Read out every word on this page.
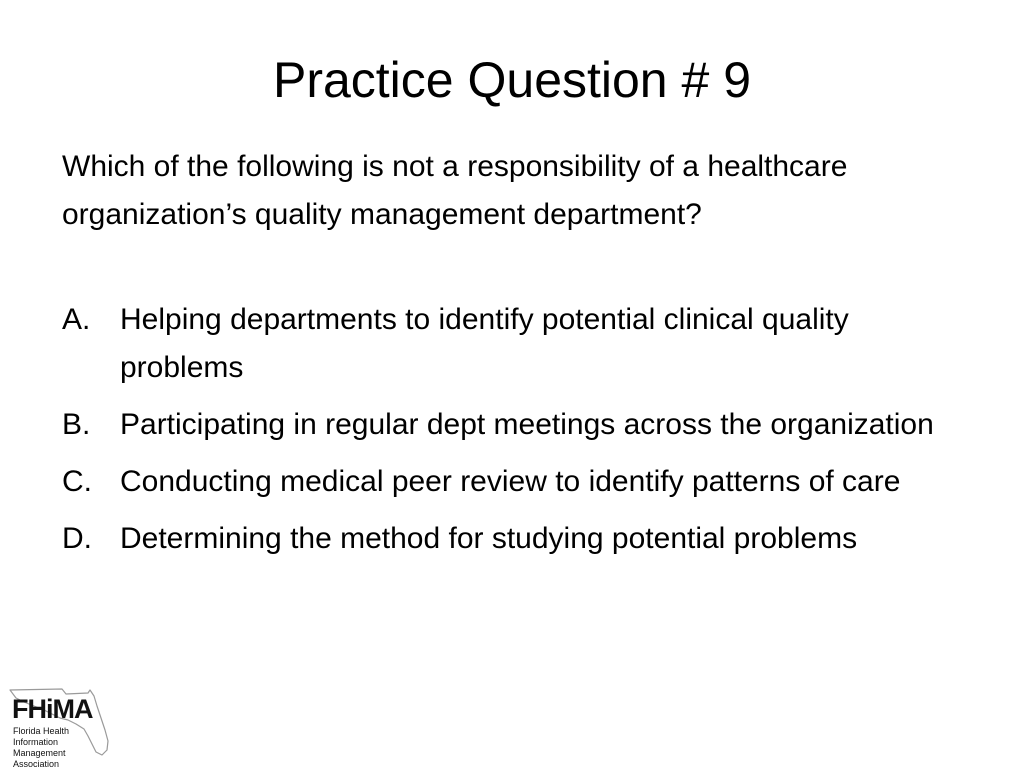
Practice Question # 9

Which of the following is not a responsibility of a healthcare organization’s quality management department?

A. Helping departments to identify potential clinical quality problems
B. Participating in regular dept meetings across the organization
C. Conducting medical peer review to identify patterns of care
D. Determining the method for studying potential problems
FHiMA
Florida Health Information
Management Association
